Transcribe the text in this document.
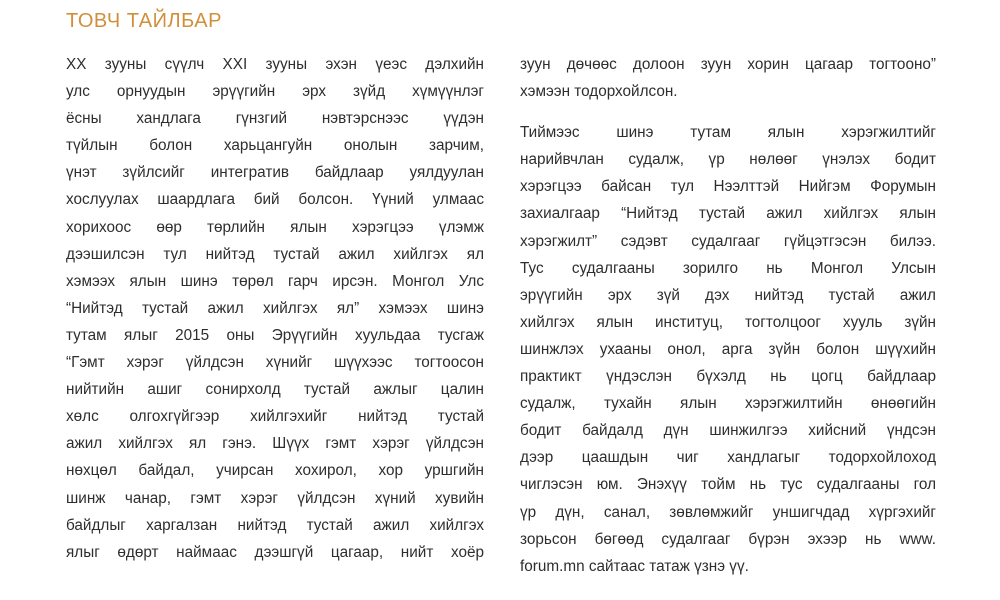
ТОВЧ ТАЙЛБАР
XX зууны сүүлч XXI зууны эхэн үеэс дэлхийн
улс орнуудын эрүүгийн эрх зүйд хүмүүнлэг
ёсны хандлага гүнзгий нэвтэрснээс үүдэн
түйлын болон харьцангуйн онолын зарчим,
үнэт зүйлсийг интегратив байдлаар уялдуулан
хослуулах шаардлага бий болсон. Үүний улмаас
хорихоос өөр төрлийн ялын хэрэгцээ үлэмж
дээшилсэн тул нийтэд тустай ажил хийлгэх ял
хэмээх ялын шинэ төрөл гарч ирсэн. Монгол Улс
“Нийтэд тустай ажил хийлгэх ял” хэмээх шинэ
тутам ялыг 2015 оны Эрүүгийн хуульдаа тусгаж
“Гэмт хэрэг үйлдсэн хүнийг шүүхээс тогтоосон
нийтийн ашиг сонирхолд тустай ажлыг цалин
хөлс олгохгүйгээр хийлгэхийг нийтэд тустай
ажил хийлгэх ял гэнэ. Шүүх гэмт хэрэг үйлдсэн
нөхцөл байдал, учирсан хохирол, хор уршгийн
шинж чанар, гэмт хэрэг үйлдсэн хүний хувийн
байдлыг харгалзан нийтэд тустай ажил хийлгэх
ялыг өдөрт наймаас дээшгүй цагаар, нийт хоёр
зуун дөчөөс долоон зуун хорин цагаар тогтооно”
хэмээн тодорхойлсон.
Тиймээс шинэ тутам ялын хэрэгжилтийг
нарийвчлан судалж, үр нөлөөг үнэлэх бодит
хэрэгцээ байсан тул Нээлттэй Нийгэм Форумын
захиалгаар “Нийтэд тустай ажил хийлгэх ялын
хэрэгжилт” сэдэвт судалгааг гүйцэтгэсэн билээ.
Тус судалгааны зорилго нь Монгол Улсын
эрүүгийн эрх зүй дэх нийтэд тустай ажил
хийлгэх ялын институц, тогтолцоог хууль зүйн
шинжлэх ухааны онол, арга зүйн болон шүүхийн
практикт үндэслэн бүхэлд нь цогц байдлаар
судалж, тухайн ялын хэрэгжилтийн өнөөгийн
бодит байдалд дүн шинжилгээ хийсний үндсэн
дээр цаашдын чиг хандлагыг тодорхойлоход
чиглэсэн юм. Энэхүү тойм нь тус судалгааны гол
үр дүн, санал, зөвлөмжийг уншигчдад хүргэхийг
зорьсон бөгөөд судалгааг бүрэн эхээр нь www.
forum.mn сайтаас татаж үзнэ үү.
